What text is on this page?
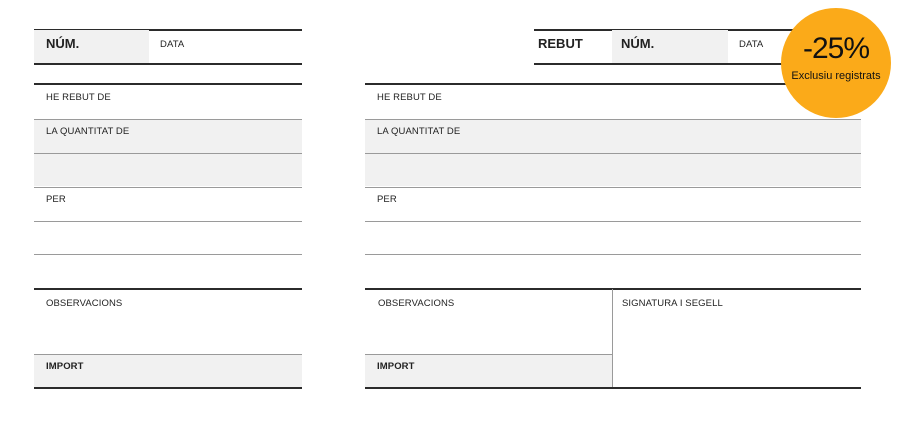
NÚM.	DATA
HE REBUT DE
LA QUANTITAT DE
PER
OBSERVACIONS
IMPORT
REBUT	NÚM.	DATA
HE REBUT DE
LA QUANTITAT DE
PER
OBSERVACIONS	SIGNATURA I SEGELL
IMPORT
-25%
Exclusiu registrats
